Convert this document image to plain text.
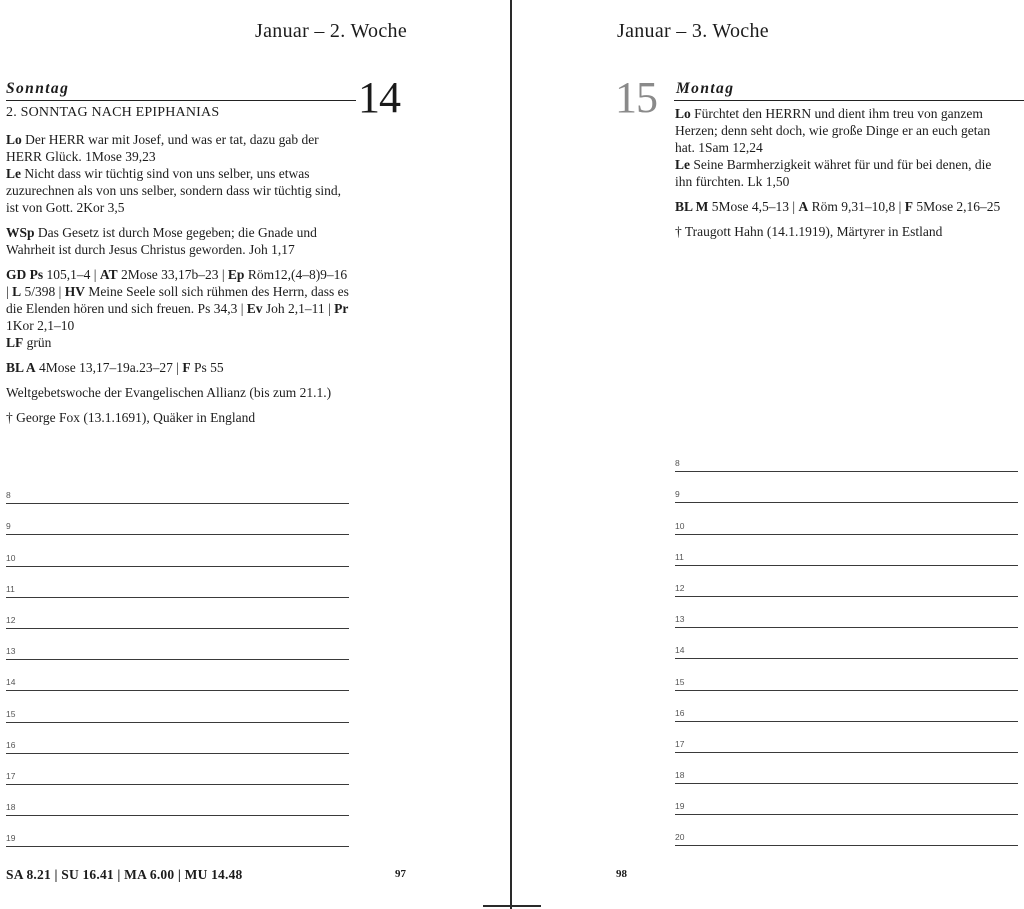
Januar – 2. Woche
Sonntag	14
2. SONNTAG NACH EPIPHANIAS

Lo Der HERR war mit Josef, und was er tat, dazu gab der HERR Glück. 1Mose 39,23

Le Nicht dass wir tüchtig sind von uns selber, uns etwas zuzurechnen als von uns selber, sondern dass wir tüchtig sind, ist von Gott. 2Kor 3,5

WSp Das Gesetz ist durch Mose gegeben; die Gnade und Wahrheit ist durch Jesus Christus geworden. Joh 1,17

GD Ps 105,1–4 | AT 2Mose 33,17b–23 | Ep Röm12,(4–8)9–16 | L 5/398 | HV Meine Seele soll sich rühmen des Herrn, dass es die Elenden hören und sich freuen. Ps 34,3 | Ev Joh 2,1–11 | Pr 1Kor 2,1–10
LF grün

BL A 4Mose 13,17–19a.23–27 | F Ps 55

Weltgebetswoche der Evangelischen Allianz (bis zum 21.1.)

† George Fox (13.1.1691), Quäker in England

8
9
10
11
12
13
14
15
16
17
18
19
SA 8.21 | SU 16.41 | MA 6.00 | MU 14.48	97
Januar – 3. Woche
15 Montag

Lo Fürchtet den HERRN und dient ihm treu von ganzem Herzen; denn seht doch, wie große Dinge er an euch getan hat. 1Sam 12,24

Le Seine Barmherzigkeit währet für und für bei denen, die ihn fürchten. Lk 1,50

BL M 5Mose 4,5–13 | A Röm 9,31–10,8 | F 5Mose 2,16–25

† Traugott Hahn (14.1.1919), Märtyrer in Estland

8
9
10
11
12
13
14
15
16
17
18
19
20
98
